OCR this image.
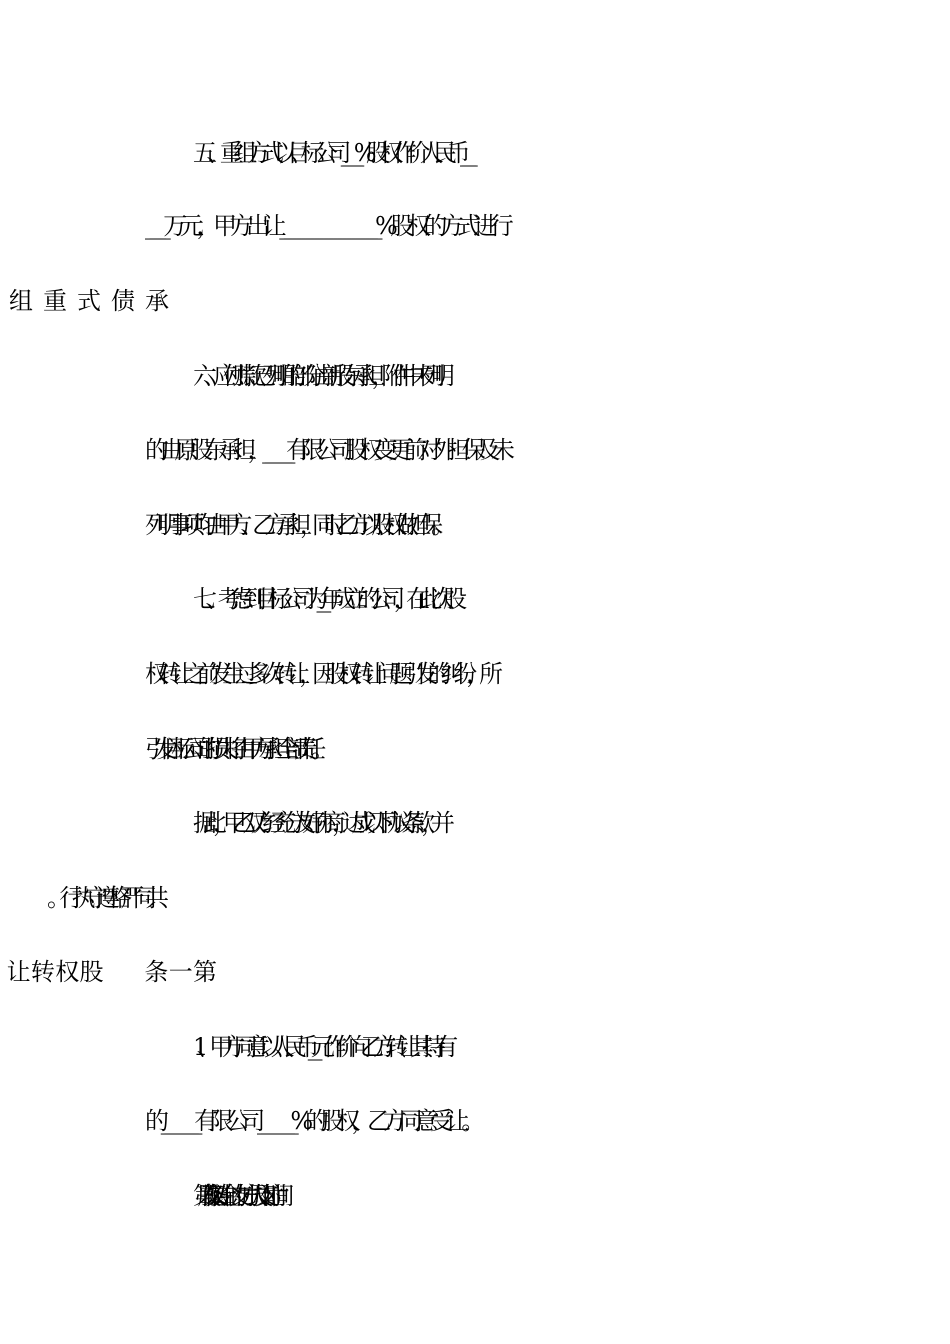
五、重组方式以目标公司_________%股权作价人民币_____
____万元，甲方出让_____________________%股权的方式进行
六、应付账款已列明的部分由新股东承担，附件中未列明
的由原股东承担，_________有限公司股权变更前对外担保及未
列明事项均由甲方、乙方承担，同时乙方以股权做担保。
七、考虑到目标公司为_________年成立的公司，在此次股
权转让之前发生过多次转让，因股权转让问题引发的纠纷，所
引发目标公司的损失将由甲方承担全部责任。
据此，甲乙双方经充分友好协商，达成以下协议条款，并
1、甲方同意以人民币_________元作价向乙方转让其持有
的_________有限公司_________%的股权 ，乙方同意受让。
第二条 股权转让金的支付方式及支付时间
